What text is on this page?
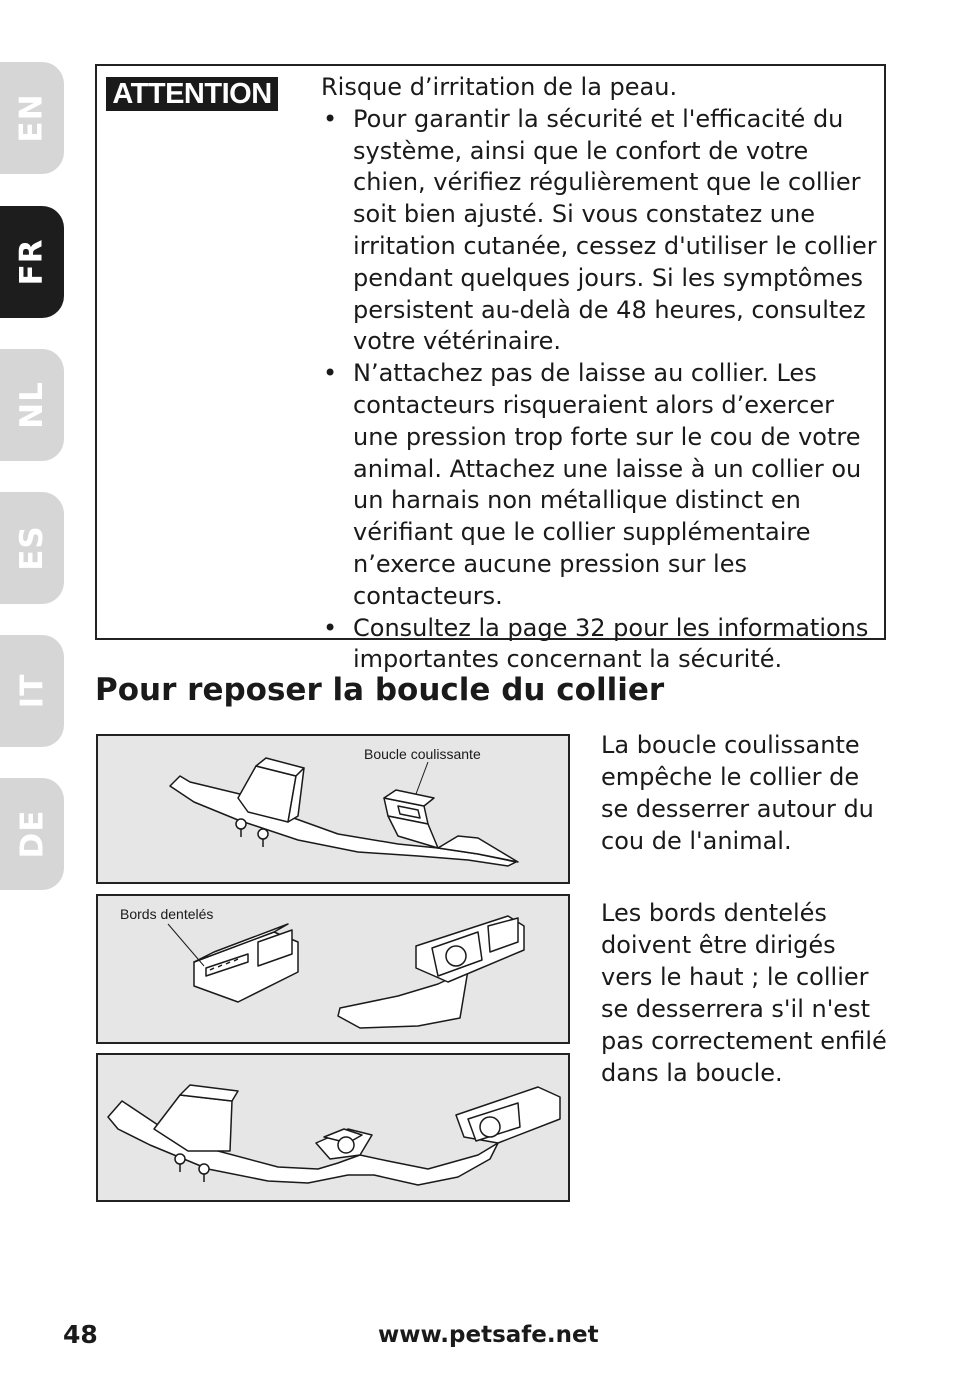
EN
FR
NL
ES
IT
DE
ATTENTION Risque d’irritation de la peau.

• Pour garantir la sécurité et l'efficacité du système, ainsi que le confort de votre chien, vérifiez régulièrement que le collier soit bien ajusté. Si vous constatez une irritation cutanée, cessez d'utiliser le collier pendant quelques jours. Si les symptômes persistent au-delà de 48 heures, consultez votre vétérinaire.
• N’attachez pas de laisse au collier. Les contacteurs risqueraient alors d’exercer une pression trop forte sur le cou de votre animal. Attachez une laisse à un collier ou un harnais non métallique distinct en vérifiant que le collier supplémentaire n’exerce aucune pression sur les contacteurs.
• Consultez la page 32 pour les informations importantes concernant la sécurité.
Pour reposer la boucle du collier
Boucle coulissante
Bords dentelés

La boucle coulissante empêche le collier de se desserrer autour du cou de l'animal.

Les bords dentelés doivent être dirigés vers le haut ; le collier se desserrera s'il n'est pas correctement enfilé dans la boucle.

48	www.petsafe.net
